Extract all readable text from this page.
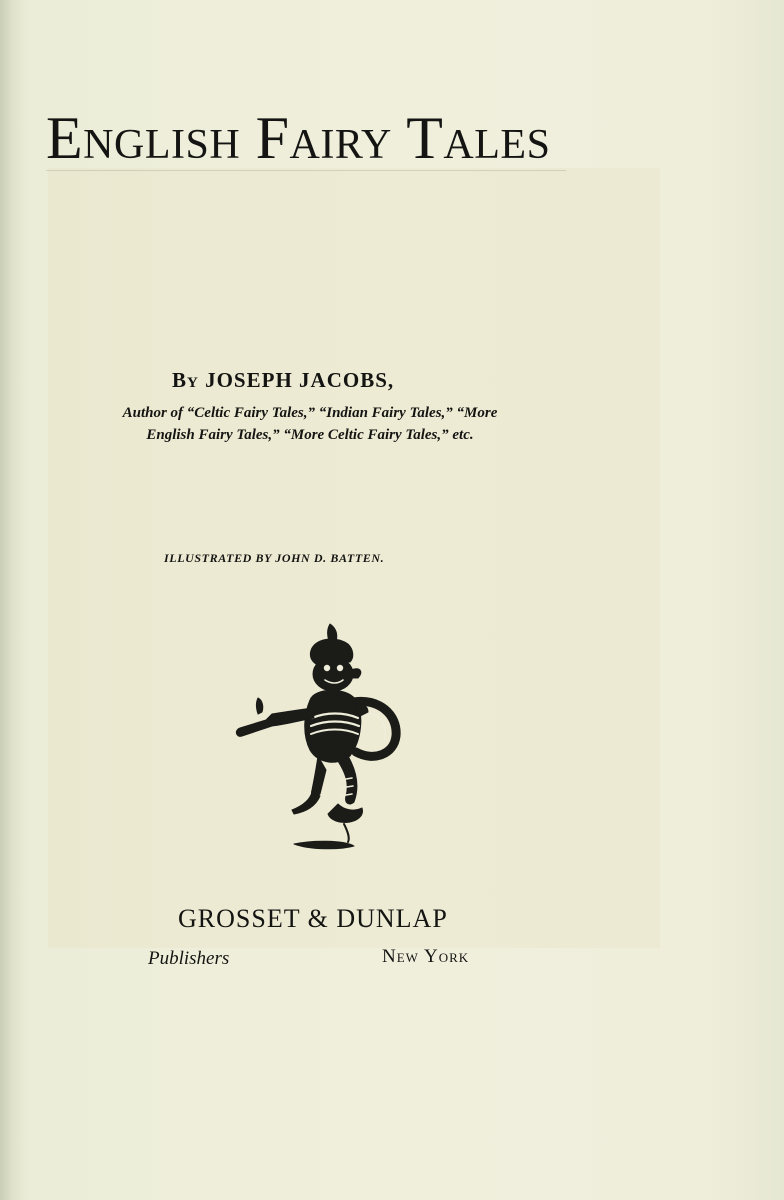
English Fairy Tales
By JOSEPH JACOBS,
Author of “Celtic Fairy Tales,” “Indian Fairy Tales,” “More
English Fairy Tales,” “More Celtic Fairy Tales,” etc.
ILLUSTRATED BY JOHN D. BATTEN.
GROSSET & DUNLAP
Publishers	New York
